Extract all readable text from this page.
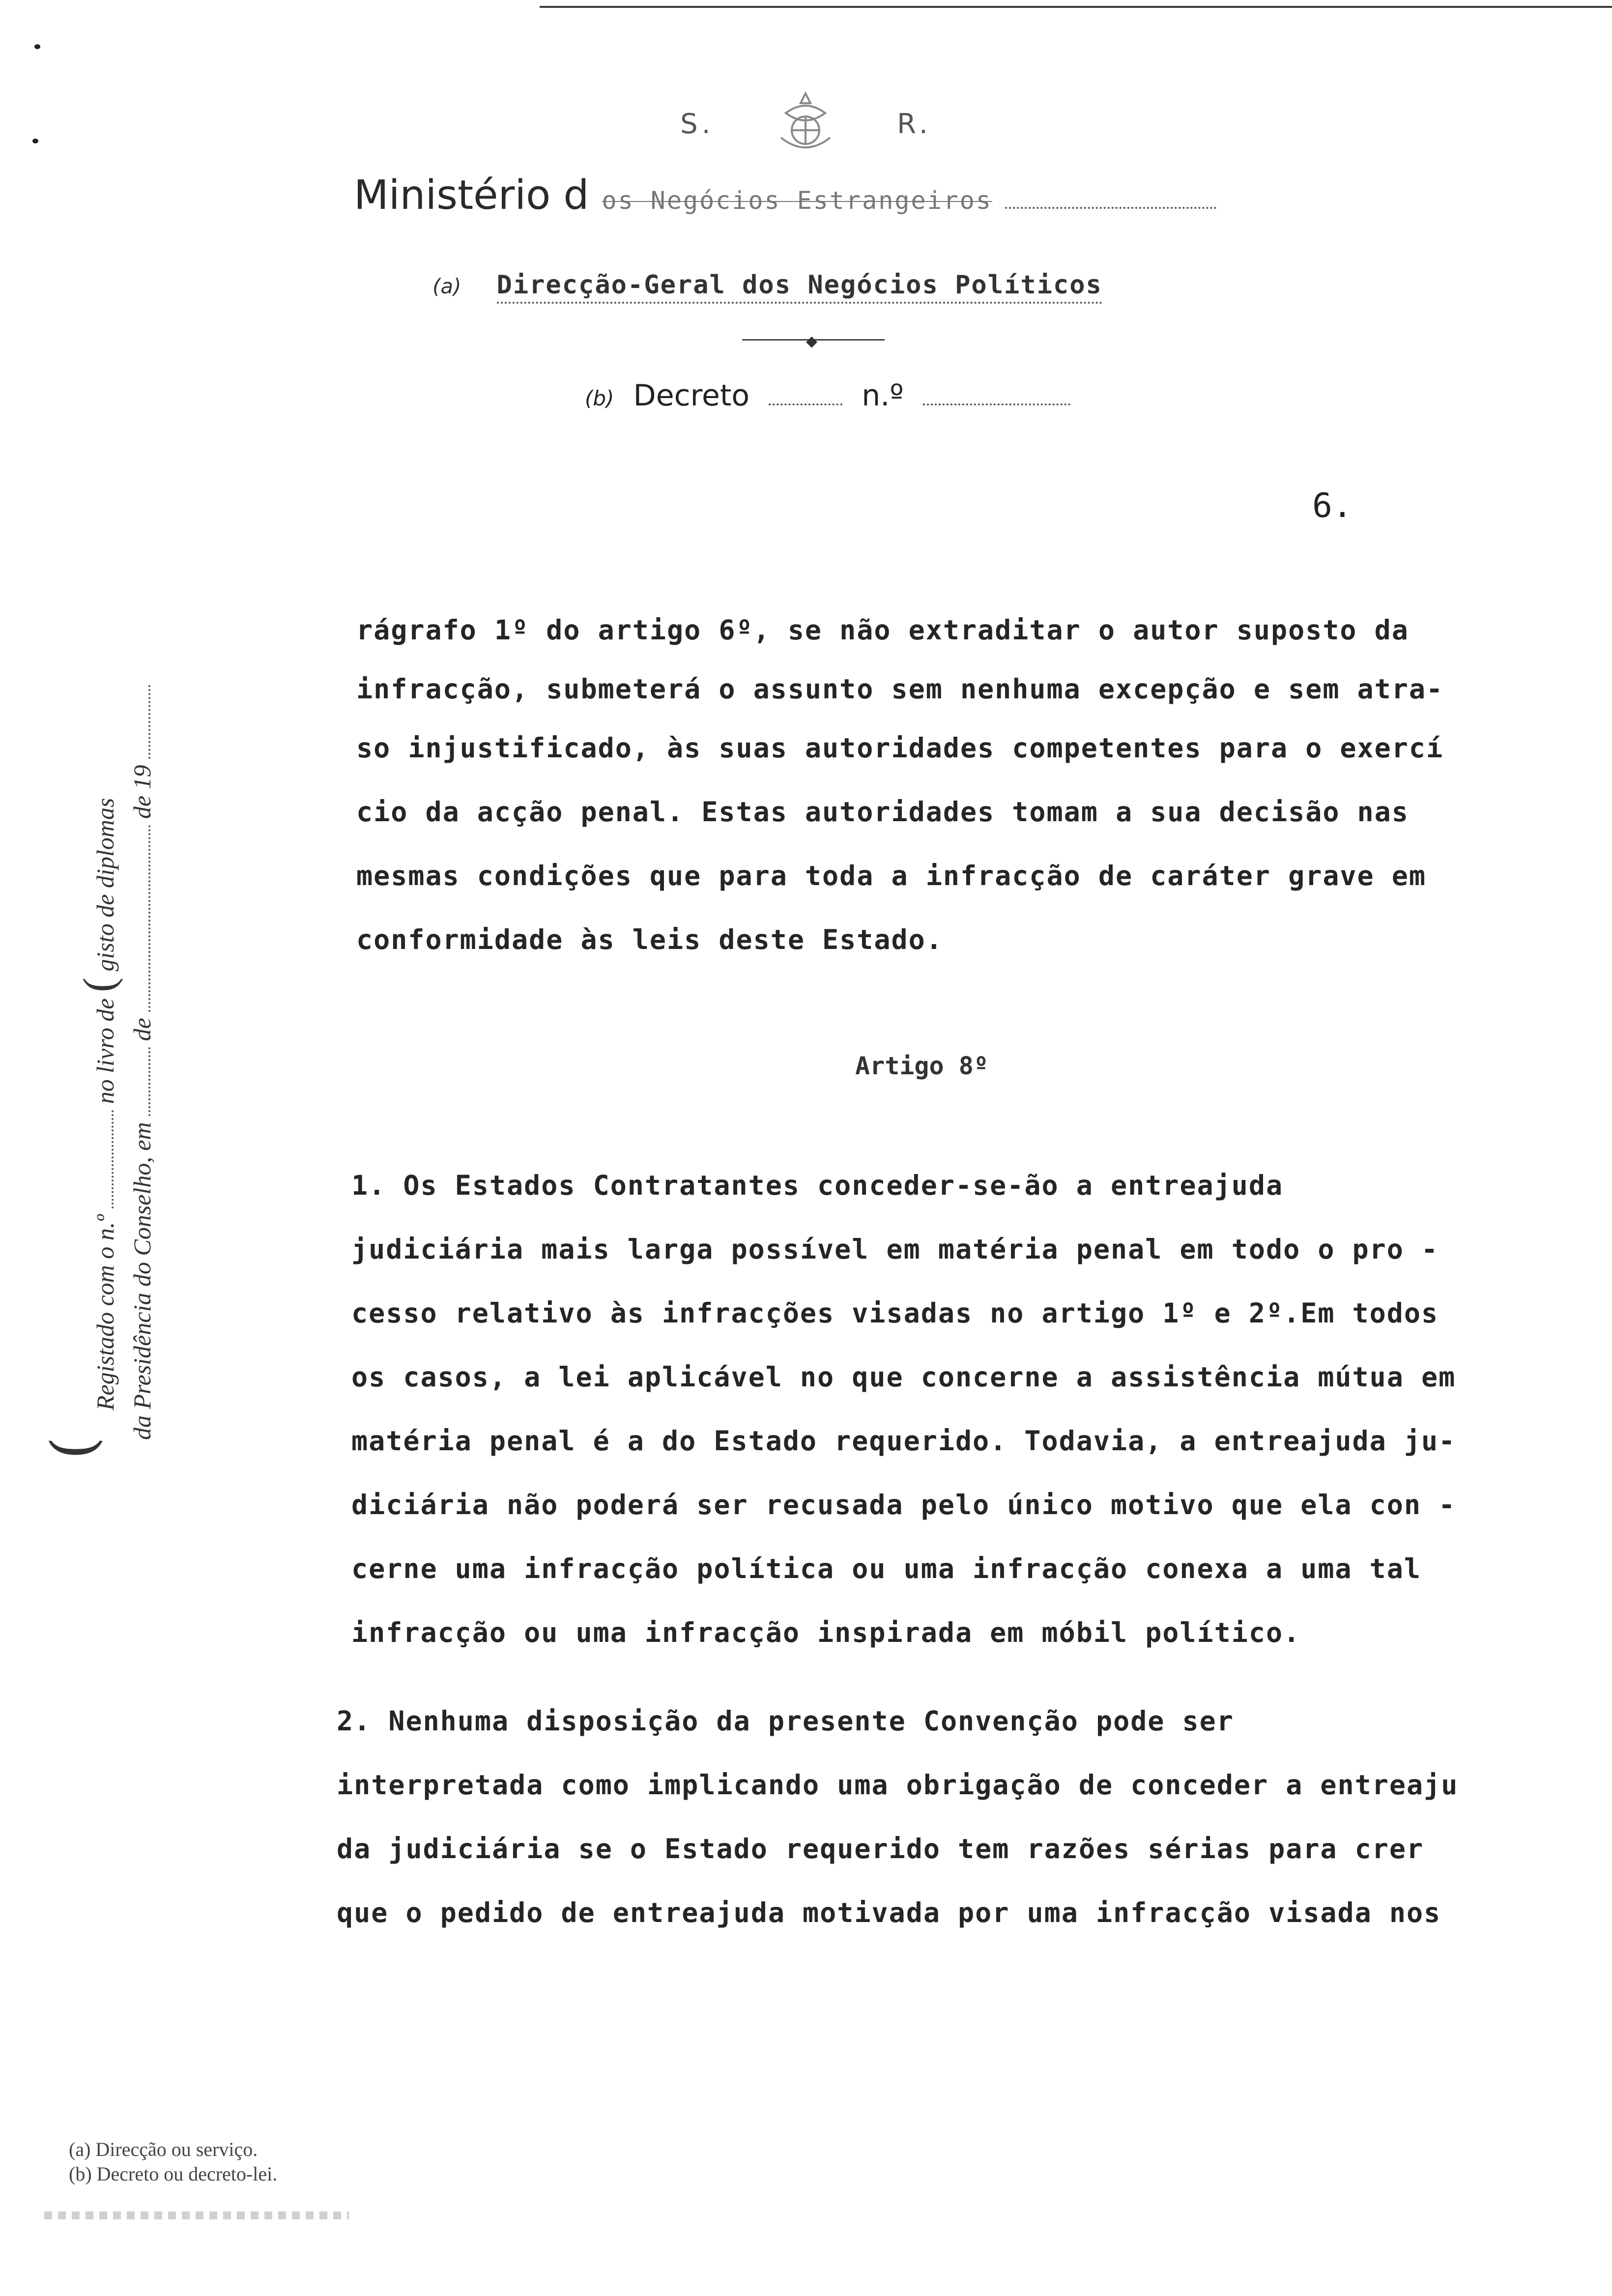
S.	R.
Ministério d os Negócios Estrangeiros
(a) Direcção-Geral dos Negócios Políticos
◆
(b) Decreto	n.º
6.
(
Registado com o n.º  no livro de ( gisto de diplomas
da Presidência do Conselho, em  de  de 19
rágrafo 1º do artigo 6º, se não extraditar o autor suposto da
infracção, submeterá o assunto sem nenhuma excepção e sem atra-
so injustificado, às suas autoridades competentes para o exercí
cio da acção penal. Estas autoridades tomam a sua decisão nas
mesmas condições que para toda a infracção de caráter grave em
conformidade às leis deste Estado.
Artigo 8º
1. Os Estados Contratantes conceder-se-ão a entreajuda
judiciária mais larga possível em matéria penal em todo o pro -
cesso relativo às infracções visadas no artigo 1º e 2º.Em todos
os casos, a lei aplicável no que concerne a assistência mútua em
matéria penal é a do Estado requerido. Todavia, a entreajuda ju-
diciária não poderá ser recusada pelo único motivo que ela con -
cerne uma infracção política ou uma infracção conexa a uma tal
infracção ou uma infracção inspirada em móbil político.
2. Nenhuma disposição da presente Convenção pode ser
interpretada como implicando uma obrigação de conceder a entreaju
da judiciária se o Estado requerido tem razões sérias para crer
que o pedido de entreajuda motivada por uma infracção visada nos
(a) Direcção ou serviço.
(b) Decreto ou decreto-lei.
